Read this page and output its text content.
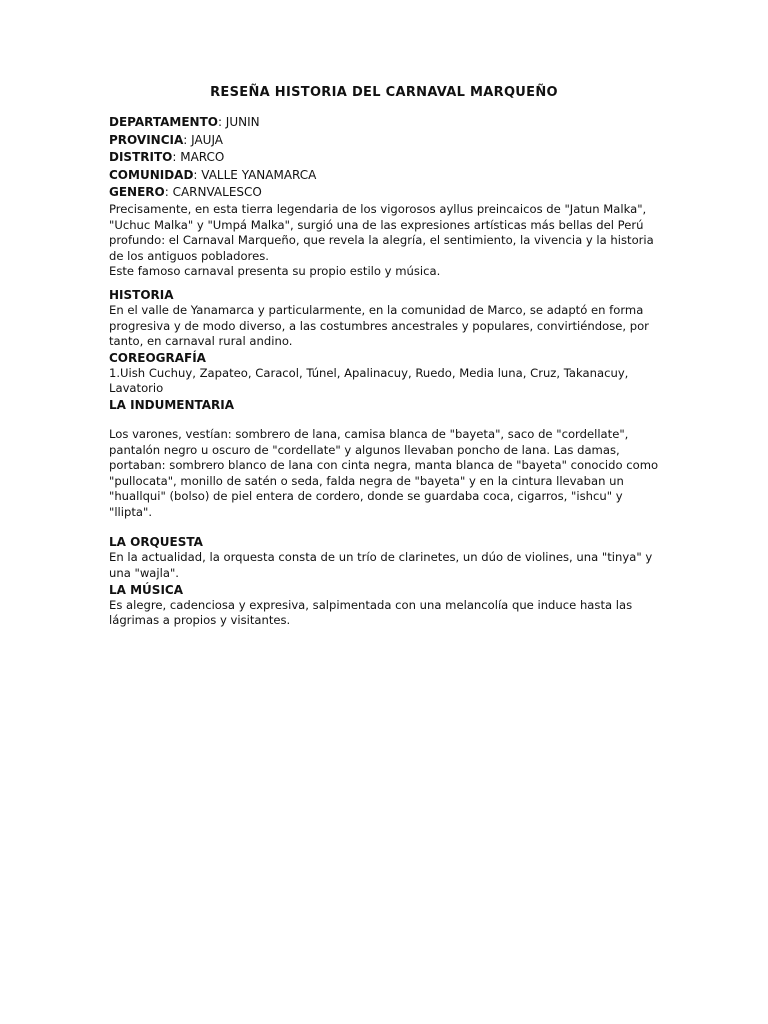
RESEÑA HISTORIA DEL CARNAVAL MARQUEÑO
DEPARTAMENTO: JUNIN
PROVINCIA: JAUJA
DISTRITO: MARCO
COMUNIDAD: VALLE YANAMARCA
GENERO: CARNVALESCO

Precisamente, en esta tierra legendaria de los vigorosos ayllus preincaicos de "Jatun Malka", "Uchuc Malka" y "Umpá Malka", surgió una de las expresiones artísticas más bellas del Perú profundo: el Carnaval Marqueño, que revela la alegría, el sentimiento, la vivencia y la historia de los antiguos pobladores.

Este famoso carnaval presenta su propio estilo y música.

HISTORIA

En el valle de Yanamarca y particularmente, en la comunidad de Marco, se adaptó en forma progresiva y de modo diverso, a las costumbres ancestrales y populares, convirtiéndose, por tanto, en carnaval rural andino.

COREOGRAFÍA

1.Uish Cuchuy, Zapateo, Caracol, Túnel, Apalinacuy, Ruedo, Media luna, Cruz, Takanacuy, Lavatorio

LA INDUMENTARIA

Los varones, vestían: sombrero de lana, camisa blanca de "bayeta", saco de "cordellate", pantalón negro u oscuro de "cordellate" y algunos llevaban poncho de lana. Las damas, portaban: sombrero blanco de lana con cinta negra, manta blanca de "bayeta" conocido como "pullocata", monillo de satén o seda, falda negra de "bayeta" y en la cintura llevaban un "huallqui" (bolso) de piel entera de cordero, donde se guardaba coca, cigarros, "ishcu" y "llipta".

LA ORQUESTA

En la actualidad, la orquesta consta de un trío de clarinetes, un dúo de violines, una "tinya" y una "wajla".

LA MÚSICA

Es alegre, cadenciosa y expresiva, salpimentada con una melancolía que induce hasta las lágrimas a propios y visitantes.
